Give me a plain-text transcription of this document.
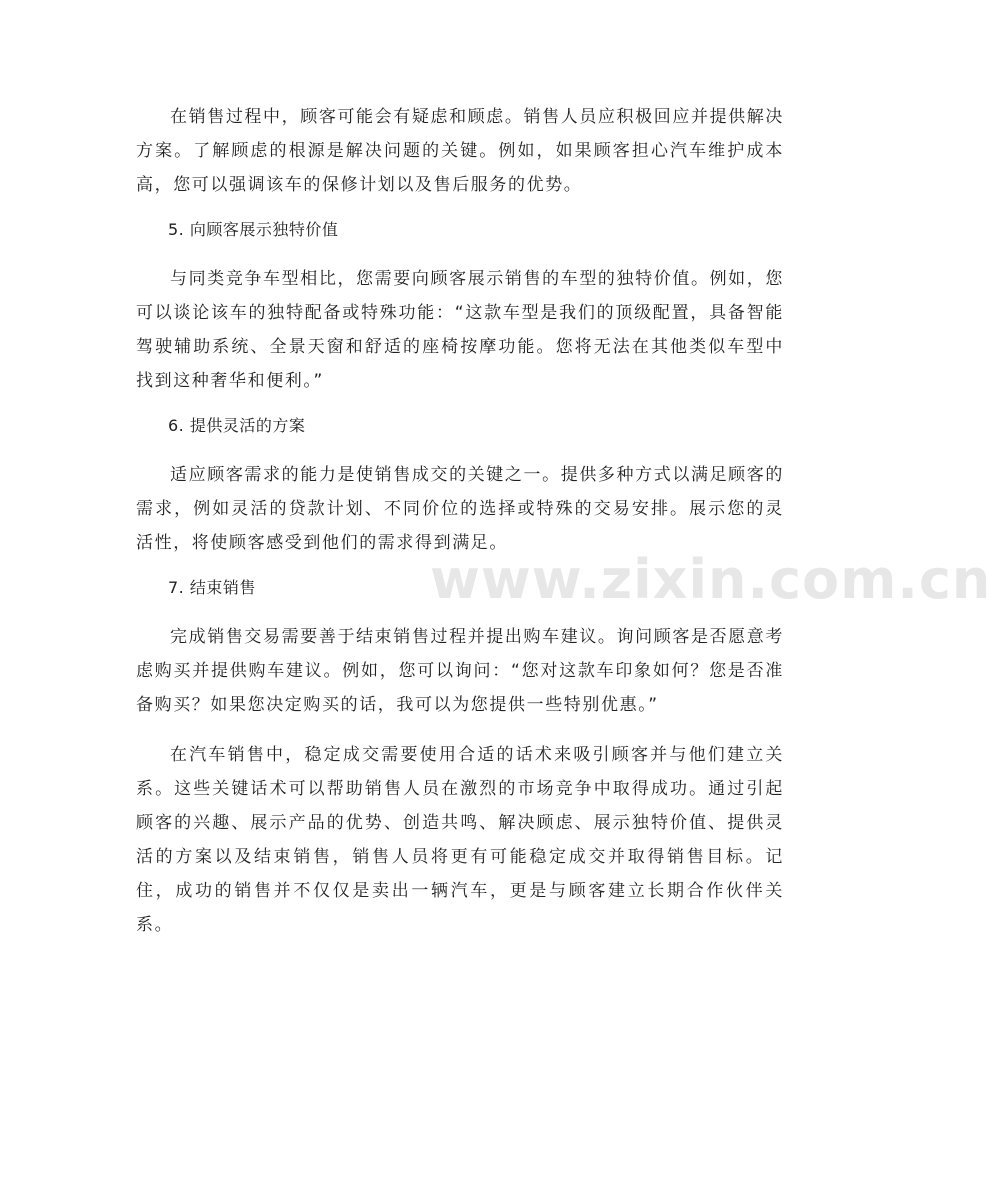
在销售过程中，顾客可能会有疑虑和顾虑。销售人员应积极回应并提供解决方案。了解顾虑的根源是解决问题的关键。例如，如果顾客担心汽车维护成本高，您可以强调该车的保修计划以及售后服务的优势。

5. 向顾客展示独特价值

与同类竞争车型相比，您需要向顾客展示销售的车型的独特价值。例如，您可以谈论该车的独特配备或特殊功能：“这款车型是我们的顶级配置，具备智能驾驶辅助系统、全景天窗和舒适的座椅按摩功能。您将无法在其他类似车型中找到这种奢华和便利。”

6. 提供灵活的方案

适应顾客需求的能力是使销售成交的关键之一。提供多种方式以满足顾客的需求，例如灵活的贷款计划、不同价位的选择或特殊的交易安排。展示您的灵活性，将使顾客感受到他们的需求得到满足。

7. 结束销售

完成销售交易需要善于结束销售过程并提出购车建议。询问顾客是否愿意考虑购买并提供购车建议。例如，您可以询问：“您对这款车印象如何？您是否准备购买？如果您决定购买的话，我可以为您提供一些特别优惠。”

在汽车销售中，稳定成交需要使用合适的话术来吸引顾客并与他们建立关系。这些关键话术可以帮助销售人员在激烈的市场竞争中取得成功。通过引起顾客的兴趣、展示产品的优势、创造共鸣、解决顾虑、展示独特价值、提供灵活的方案以及结束销售，销售人员将更有可能稳定成交并取得销售目标。记住，成功的销售并不仅仅是卖出一辆汽车，更是与顾客建立长期合作伙伴关系。

www.zixin.com.cn
